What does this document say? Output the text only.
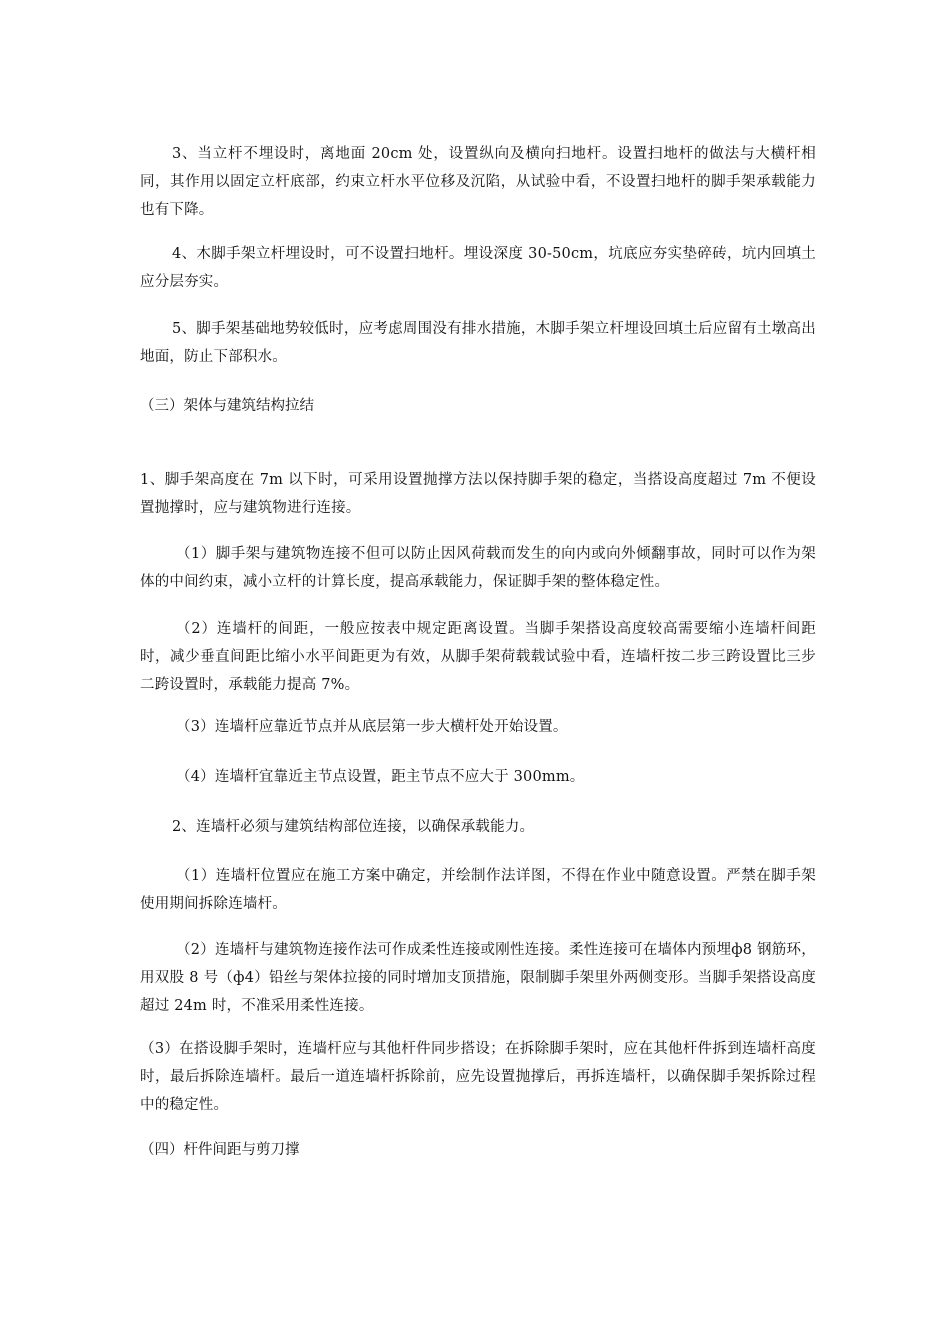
3、当立杆不埋设时，离地面 20cm 处，设置纵向及横向扫地杆。设置扫地杆的做法与大横杆相同，其作用以固定立杆底部，约束立杆水平位移及沉陷，从试验中看，不设置扫地杆的脚手架承载能力也有下降。

4、木脚手架立杆埋设时，可不设置扫地杆。埋设深度 30-50cm，坑底应夯实垫碎砖，坑内回填土应分层夯实。

5、脚手架基础地势较低时，应考虑周围没有排水措施，木脚手架立杆埋设回填土后应留有土墩高出地面，防止下部积水。

（三）架体与建筑结构拉结

1、脚手架高度在 7m 以下时，可采用设置抛撑方法以保持脚手架的稳定，当搭设高度超过 7m 不便设置抛撑时，应与建筑物进行连接。

（1）脚手架与建筑物连接不但可以防止因风荷载而发生的向内或向外倾翻事故，同时可以作为架体的中间约束，减小立杆的计算长度，提高承载能力，保证脚手架的整体稳定性。

（2）连墙杆的间距，一般应按表中规定距离设置。当脚手架搭设高度较高需要缩小连墙杆间距时，减少垂直间距比缩小水平间距更为有效，从脚手架荷载载试验中看，连墙杆按二步三跨设置比三步二跨设置时，承载能力提高 7%。

（3）连墙杆应靠近节点并从底层第一步大横杆处开始设置。

（4）连墙杆宜靠近主节点设置，距主节点不应大于 300mm。

2、连墙杆必须与建筑结构部位连接，以确保承载能力。

（1）连墙杆位置应在施工方案中确定，并绘制作法详图，不得在作业中随意设置。严禁在脚手架使用期间拆除连墙杆。

（2）连墙杆与建筑物连接作法可作成柔性连接或刚性连接。柔性连接可在墙体内预埋ф8 钢筋环，用双股 8 号（ф4）铅丝与架体拉接的同时增加支顶措施，限制脚手架里外两侧变形。当脚手架搭设高度超过 24m 时，不准采用柔性连接。

（3）在搭设脚手架时，连墙杆应与其他杆件同步搭设；在拆除脚手架时，应在其他杆件拆到连墙杆高度时，最后拆除连墙杆。最后一道连墙杆拆除前，应先设置抛撑后，再拆连墙杆，以确保脚手架拆除过程中的稳定性。

（四）杆件间距与剪刀撑
